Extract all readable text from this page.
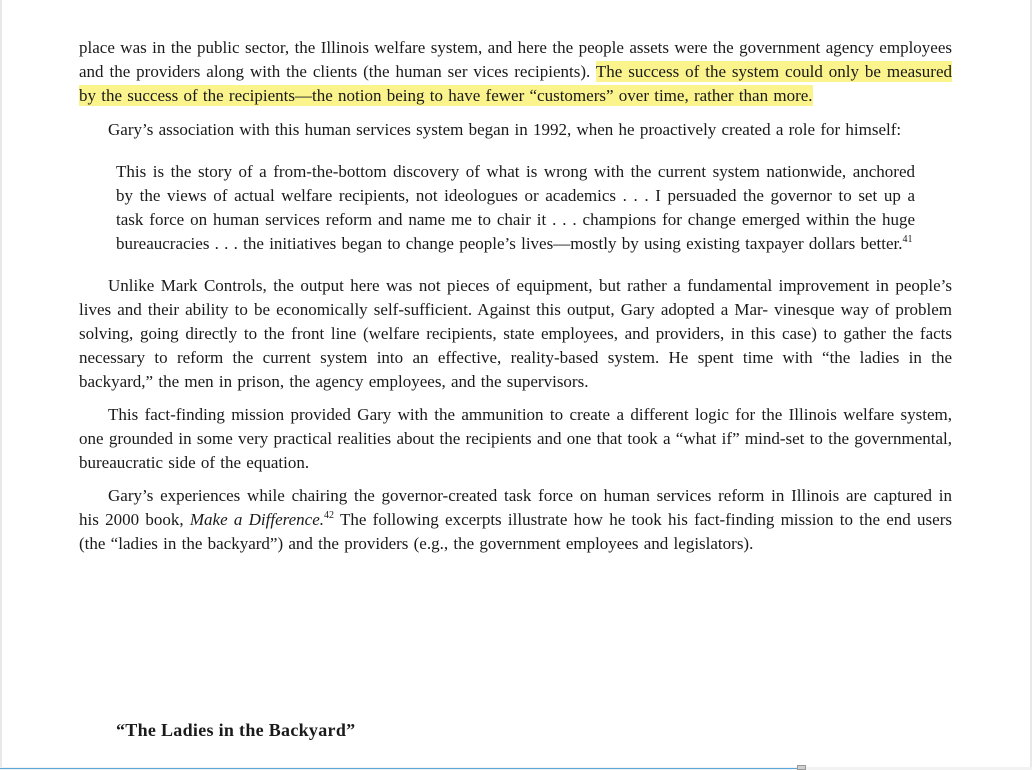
place was in the public sector, the Illinois welfare system, and here the people assets were the government agency employees and the providers along with the clients (the human ser vices recipients). The success of the system could only be measured by the success of the recipients—the notion being to have fewer “customers” over time, rather than more.

Gary’s association with this human services system began in 1992, when he proactively created a role for himself:

This is the story of a from-the-bottom discovery of what is wrong with the current system nationwide, anchored by the views of actual welfare recipients, not ideologues or academics . . . I persuaded the governor to set up a task force on human services reform and name me to chair it . . . champions for change emerged within the huge bureaucracies . . . the initiatives began to change people’s lives—mostly by using existing taxpayer dollars better.$^{41}$

Unlike Mark Controls, the output here was not pieces of equipment, but rather a fundamental improvement in people’s lives and their ability to be economically self-sufficient. Against this output, Gary adopted a Mar- vinesque way of problem solving, going directly to the front line (welfare recipients, state employees, and providers, in this case) to gather the facts necessary to reform the current system into an effective, reality-based system. He spent time with “the ladies in the backyard,” the men in prison, the agency employees, and the supervisors.

This fact-finding mission provided Gary with the ammunition to create a different logic for the Illinois welfare system, one grounded in some very practical realities about the recipients and one that took a “what if” mind-set to the governmental, bureaucratic side of the equation.

Gary’s experiences while chairing the governor-created task force on human services reform in Illinois are captured in his 2000 book, Make a Difference.$^{42}$ The following excerpts illustrate how he took his fact-finding mission to the end users (the “ladies in the backyard”) and the providers (e.g., the government employees and legislators).

“The Ladies in the Backyard”
